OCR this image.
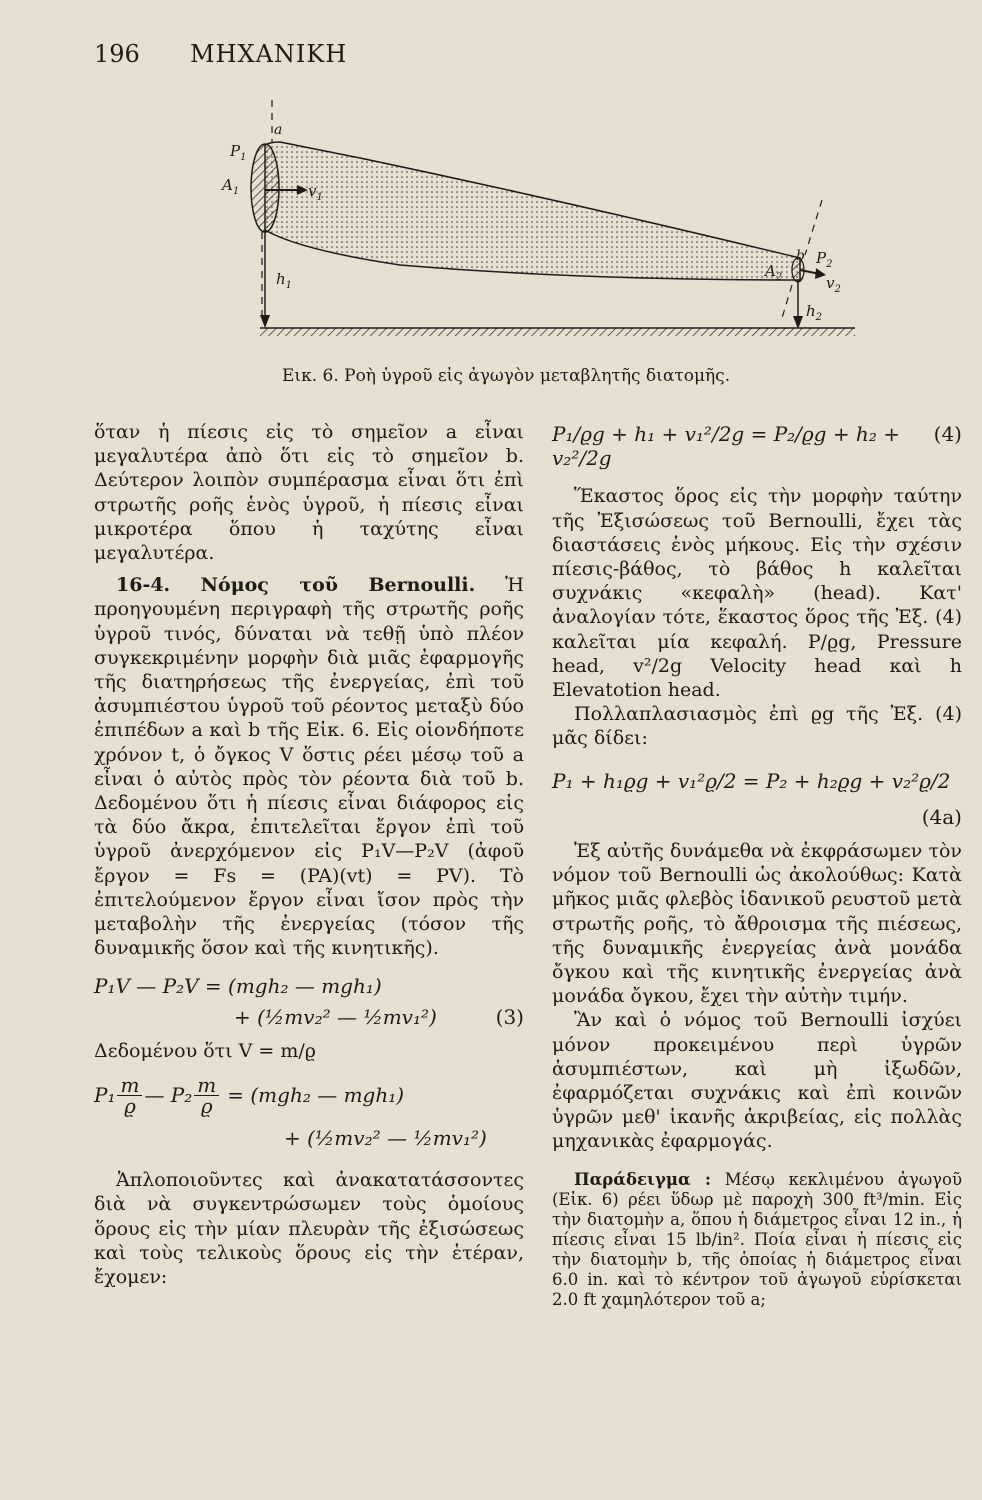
196 ΜΗΧΑΝΙΚΗ
a
$P_1$
$A_1$	$v_1$
$h_1$
b $P_2$
$A_2$	$v_2$
$h_2$
Εικ. 6. Ροὴ ὑγροῦ εἰς ἀγωγὸν μεταβλητῆς διατομῆς.

ὅταν ἡ πίεσις εἰς τὸ σημεῖον a εἶναι μεγαλυτέρα ἀπὸ ὅτι εἰς τὸ σημεῖον b. Δεύτερον λοιπὸν συμπέρασμα εἶναι ὅτι ἐπὶ στρωτῆς ροῆς ἑνὸς ὑγροῦ, ἡ πίεσις εἶναι μικροτέρα ὅπου ἡ ταχύτης εἶναι μεγαλυτέρα.

16-4. Νόμος τοῦ Bernoulli. Ἡ προηγουμένη περιγραφὴ τῆς στρωτῆς ροῆς ὑγροῦ τινός, δύναται νὰ τεθῇ ὑπὸ πλέον συγκεκριμένην μορφὴν διὰ μιᾶς ἐφαρμογῆς τῆς διατηρήσεως τῆς ἐνεργείας, ἐπὶ τοῦ ἀσυμπιέστου ὑγροῦ τοῦ ρέοντος μεταξὺ δύο ἐπιπέδων a καὶ b τῆς Εἰκ. 6. Εἰς οἱονδήποτε χρόνον t, ὁ ὄγκος V ὅστις ρέει μέσῳ τοῦ a εἶναι ὁ αὐτὸς πρὸς τὸν ρέοντα διὰ τοῦ b. Δεδομένου ὅτι ἡ πίεσις εἶναι διάφορος εἰς τὰ δύο ἄκρα, ἐπιτελεῖται ἔργον ἐπὶ τοῦ ὑγροῦ ἀνερχόμενον εἰς P₁V—P₂V (ἀφοῦ ἔργον = Fs = (PA)(vt) = PV). Τὸ ἐπιτελούμενον ἔργον εἶναι ἴσον πρὸς τὴν μεταβολὴν τῆς ἐνεργείας (τόσον τῆς δυναμικῆς ὅσον καὶ τῆς κινητικῆς).

P₁V — P₂V = (mgh₂ — mgh₁)
+ (½mv₂² — ½mv₁²)	(3)

Δεδομένου ὅτι V = m/ϱ

$P_1 \frac{m}{ϱ}$ — $P_2 \frac{m}{ϱ} = (mgh_2$ — mgh₁)
+ (½mv₂² — ½mv₁²)

Ἁπλοποιοῦντες καὶ ἀνακατατάσσοντες διὰ νὰ συγκεντρώσωμεν τοὺς ὁμοίους ὅρους εἰς τὴν μίαν πλευρὰν τῆς ἐξισώσεως καὶ τοὺς τελικοὺς ὅρους εἰς τὴν ἑτέραν, ἔχομεν:

P₁/ϱg + h₁ + v₁²/2g = P₂/ϱg + h₂ + v₂²/2g
(4)

Ἕκαστος ὅρος εἰς τὴν μορφὴν ταύτην τῆς Ἐξισώσεως τοῦ Bernoulli, ἔχει τὰς διαστάσεις ἑνὸς μήκους. Εἰς τὴν σχέσιν πίεσις-βάθος, τὸ βάθος h καλεῖται συχνάκις «κεφαλὴ» (head). Κατ' ἀναλογίαν τότε, ἕκαστος ὅρος τῆς Ἐξ. (4) καλεῖται μία κεφαλή. P/ϱg, Pressure head, v²/2g Velocity head καὶ h Elevatotion head.

Πολλαπλασιασμὸς ἐπὶ ϱg τῆς Ἐξ. (4) μᾶς δίδει:

P₁ + h₁ϱg + v₁²ϱ/2 = P₂ + h₂ϱg + v₂²ϱ/2
(4a)

Ἐξ αὐτῆς δυνάμεθα νὰ ἐκφράσωμεν τὸν νόμον τοῦ Bernoulli ὡς ἀκολούθως: Κατὰ μῆκος μιᾶς φλεβὸς ἰδανικοῦ ρευστοῦ μετὰ στρωτῆς ροῆς, τὸ ἄθροισμα τῆς πιέσεως, τῆς δυναμικῆς ἐνεργείας ἀνὰ μονάδα ὄγκου καὶ τῆς κινητικῆς ἐνεργείας ἀνὰ μονάδα ὄγκου, ἔχει τὴν αὐτὴν τιμήν.

Ἂν καὶ ὁ νόμος τοῦ Bernoulli ἰσχύει μόνον προκειμένου περὶ ὑγρῶν ἀσυμπιέστων, καὶ μὴ ἰξωδῶν, ἐφαρμόζεται συχνάκις καὶ ἐπὶ κοινῶν ὑγρῶν μεθ' ἱκανῆς ἀκριβείας, εἰς πολλὰς μηχανικὰς ἐφαρμογάς.

Παράδειγμα : Μέσῳ κεκλιμένου ἀγωγοῦ (Εἰκ. 6) ρέει ὕδωρ μὲ παροχὴ 300 ft³/min. Εἰς τὴν διατομὴν a, ὅπου ἡ διάμετρος εἶναι 12 in., ἡ πίεσις εἶναι 15 lb/in². Ποία εἶναι ἡ πίεσις εἰς τὴν διατομὴν b, τῆς ὁποίας ἡ διάμετρος εἶναι 6.0 in. καὶ τὸ κέντρον τοῦ ἀγωγοῦ εὑρίσκεται 2.0 ft χαμηλότερον τοῦ a;
